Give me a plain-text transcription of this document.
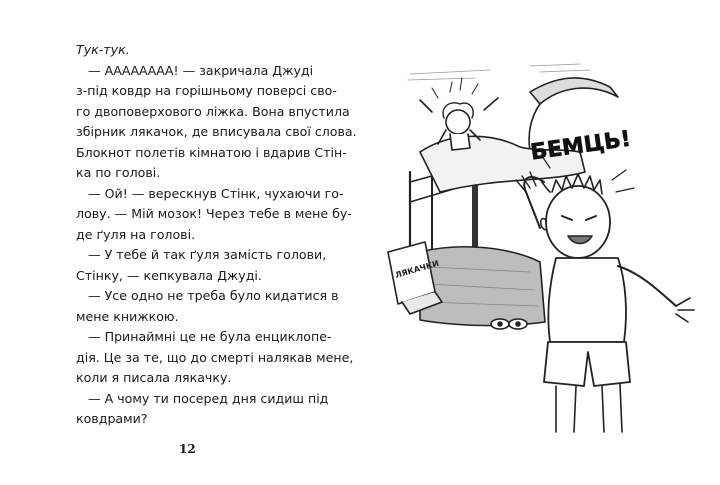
Тук-тук.
— АААААААА! — закричала Джуді
з-під ковдр на горішньому поверсі сво-
го двоповерхового ліжка. Вона впустила
збірник лякачок, де вписувала свої слова.
Блокнот полетів кімнатою і вдарив Стін-
ка по голові.
— Ой! — верескнув Стінк, чухаючи го-
лову. — Мій мозок! Через тебе в мене бу-
де ґуля на голові.
— У тебе й так ґуля замість голови,
Стінку, — кепкувала Джуді.
— Усе одно не треба було кидатися в
мене книжкою.
— Принаймні це не була енциклопе-
дія. Це за те, що до смерті налякав мене,
коли я писала лякачку.
— А чому ти посеред дня сидиш під
ковдрами?
12
ЛЯКАЧКИ
БЕМЦЬ!
